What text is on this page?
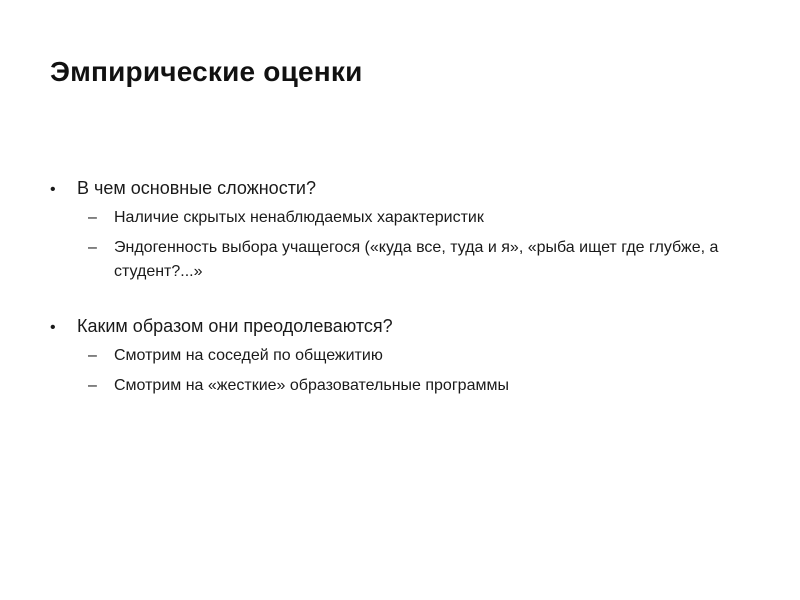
Эмпирические оценки
•	В чем основные сложности?
–	Наличие скрытых ненаблюдаемых характеристик
–	Эндогенность выбора учащегося («куда все, туда и я», «рыба ищет где глубже, а студент?...»
•	Каким образом они преодолеваются?
–	Смотрим на соседей по общежитию
–	Смотрим на «жесткие» образовательные программы
